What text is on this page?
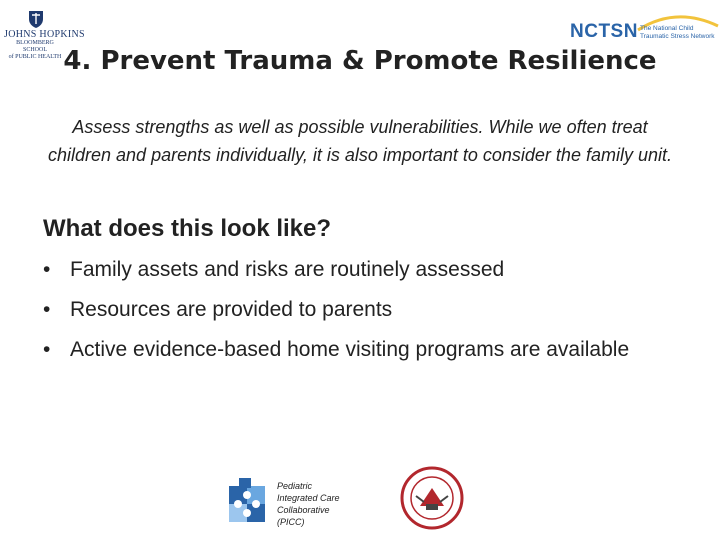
JOHNS HOPKINS
BLOOMBERG SCHOOL
of PUBLIC HEALTH
NCTSN The National Child
Traumatic Stress Network
4. Prevent Trauma & Promote Resilience
Assess strengths as well as possible vulnerabilities. While we often treat children and parents individually, it is also important to consider the family unit.
What does this look like?
• Family assets and risks are routinely assessed
• Resources are provided to parents
• Active evidence-based home visiting programs are available
Pediatric
Integrated Care
Collaborative
(PICC)
